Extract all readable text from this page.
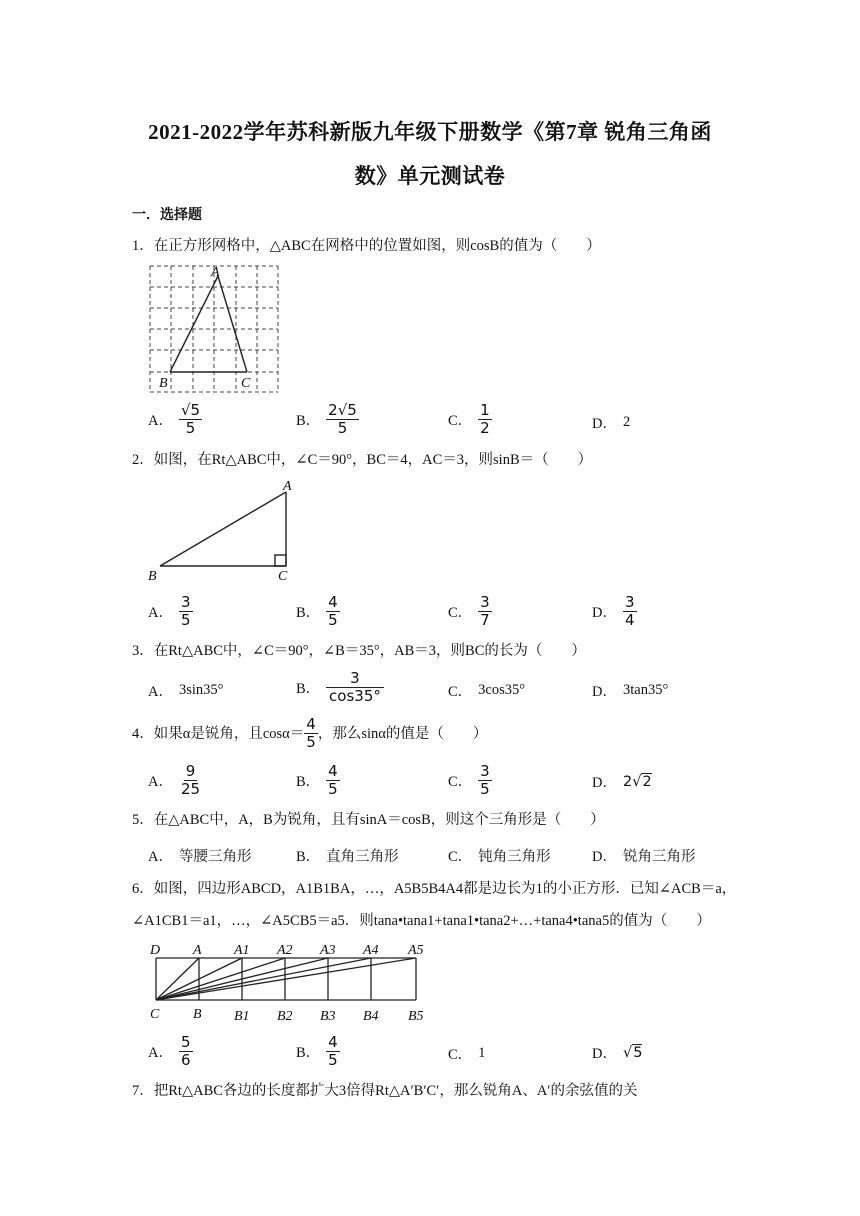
2021-2022学年苏科新版九年级下册数学《第7章 锐角三角函
数》单元测试卷
一．选择题
1．在正方形网格中，△ABC在网格中的位置如图，则cosB的值为（　　）
A
B	C
A． $\frac{√5}{5}$	B． $\frac{2√5}{5}$	C． $\frac{1}{2}$	D． 2
2．如图，在Rt△ABC中，∠C＝90°，BC＝4，AC＝3，则sinB＝（　　）
A
B	C
A． $\frac{3}{5}$	B． $\frac{4}{5}$	C． $\frac{3}{7}$	D． $\frac{3}{4}$
3．在Rt△ABC中，∠C＝90°，∠B＝35°，AB＝3，则BC的长为（　　）
A． 3sin35°	B． $\frac{3}{\cos 35^\circ}$	C． 3cos35°	D． 3tan35°
4．如果α是锐角，且$\cos\alpha= \frac{4}{5}$ ，那么sinα的值是（　　）
A． $\frac{9}{25}$	B． $\frac{4}{5}$	C． $\frac{3}{5}$	D． 2√2
5．在△ABC中，A，B为锐角，且有sinA＝cosB，则这个三角形是（　　）
A． 等腰三角形	B． 直角三角形	C． 钝角三角形	D． 锐角三角形
6．如图，四边形ABCD，A1B1BA，…，A5B5B4A4都是边长为1的小正方形．已知∠ACB＝a，
∠A1CB1＝a1，…，∠A5CB5＝a5．则tana•tana1+tana1•tana2+…+tana4•tana5的值为（　　）
D A A1 A2 A3 A4 A5
C B B1 B2 B3 B4 B5
A． $\frac{5}{6}$	B． $\frac{4}{5}$	C． 1	D． √5
7．把Rt△ABC各边的长度都扩大3倍得Rt△A′B′C′，那么锐角A、A′的余弦值的关
